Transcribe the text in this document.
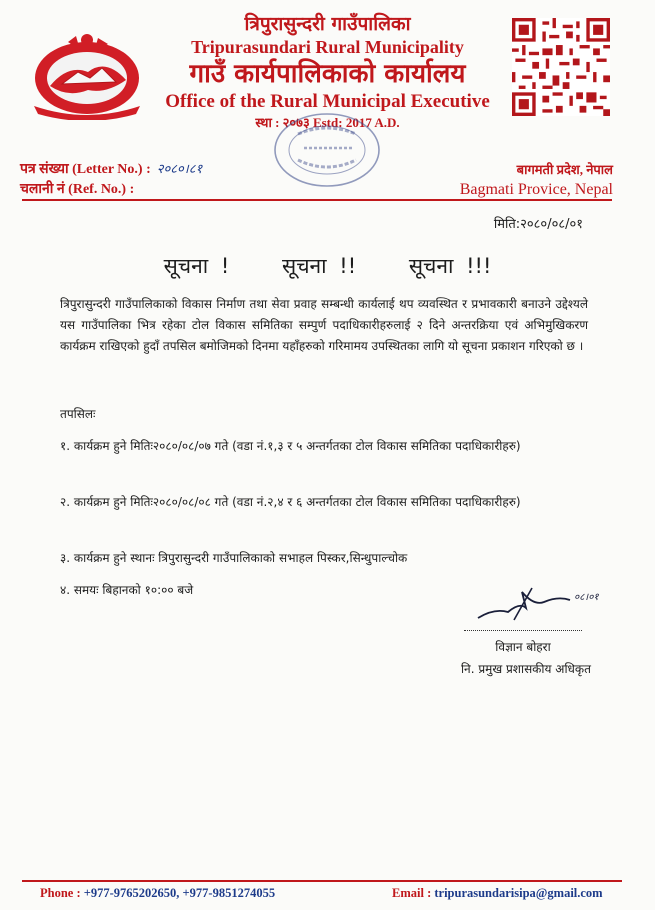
त्रिपुरासुन्दरी गाउँपालिका
Tripurasundari Rural Municipality
गाउँ कार्यपालिकाको कार्यालय
Office of the Rural Municipal Executive
स्था : २०७३ Estd: 2017 A.D.
पत्र संख्या (Letter No.) : २०८०।८१
चलानी नं (Ref. No.) :
बागमती प्रदेश, नेपाल
Bagmati Provice, Nepal
मिति:२०८०/०८/०१
सूचना !	सूचना !!	सूचना !!!
त्रिपुरासुन्दरी गाउँपालिकाको विकास निर्माण तथा सेवा प्रवाह सम्बन्धी कार्यलाई थप व्यवस्थित र प्रभावकारी बनाउने उद्देश्यले यस गाउँपालिका भित्र रहेका टोल विकास समितिका सम्पुर्ण पदाधिकारीहरुलाई २ दिने अन्तरक्रिया एवं अभिमुखिकरण कार्यक्रम राखिएको हुदाँ तपसिल बमोजिमको दिनमा यहाँहरुको गरिमामय उपस्थितका लागि यो सूचना प्रकाशन गरिएको छ ।
तपसिलः
१. कार्यक्रम हुने मितिः२०८०/०८/०७ गते (वडा नं.१,३ र ५ अन्तर्गतका टोल विकास समितिका पदाधिकारीहरु)
२. कार्यक्रम हुने मितिः२०८०/०८/०८ गते (वडा नं.२,४ र ६ अन्तर्गतका टोल विकास समितिका पदाधिकारीहरु)
३. कार्यक्रम हुने स्थानः त्रिपुरासुन्दरी गाउँपालिकाको सभाहल पिस्कर,सिन्धुपाल्चोक
४. समयः बिहानको १०:०० बजे
०८।०१
विज्ञान बोहरा
नि. प्रमुख प्रशासकीय अधिकृत
Phone : +977-9765202650, +977-9851274055	Email : tripurasundarisipa@gmail.com
